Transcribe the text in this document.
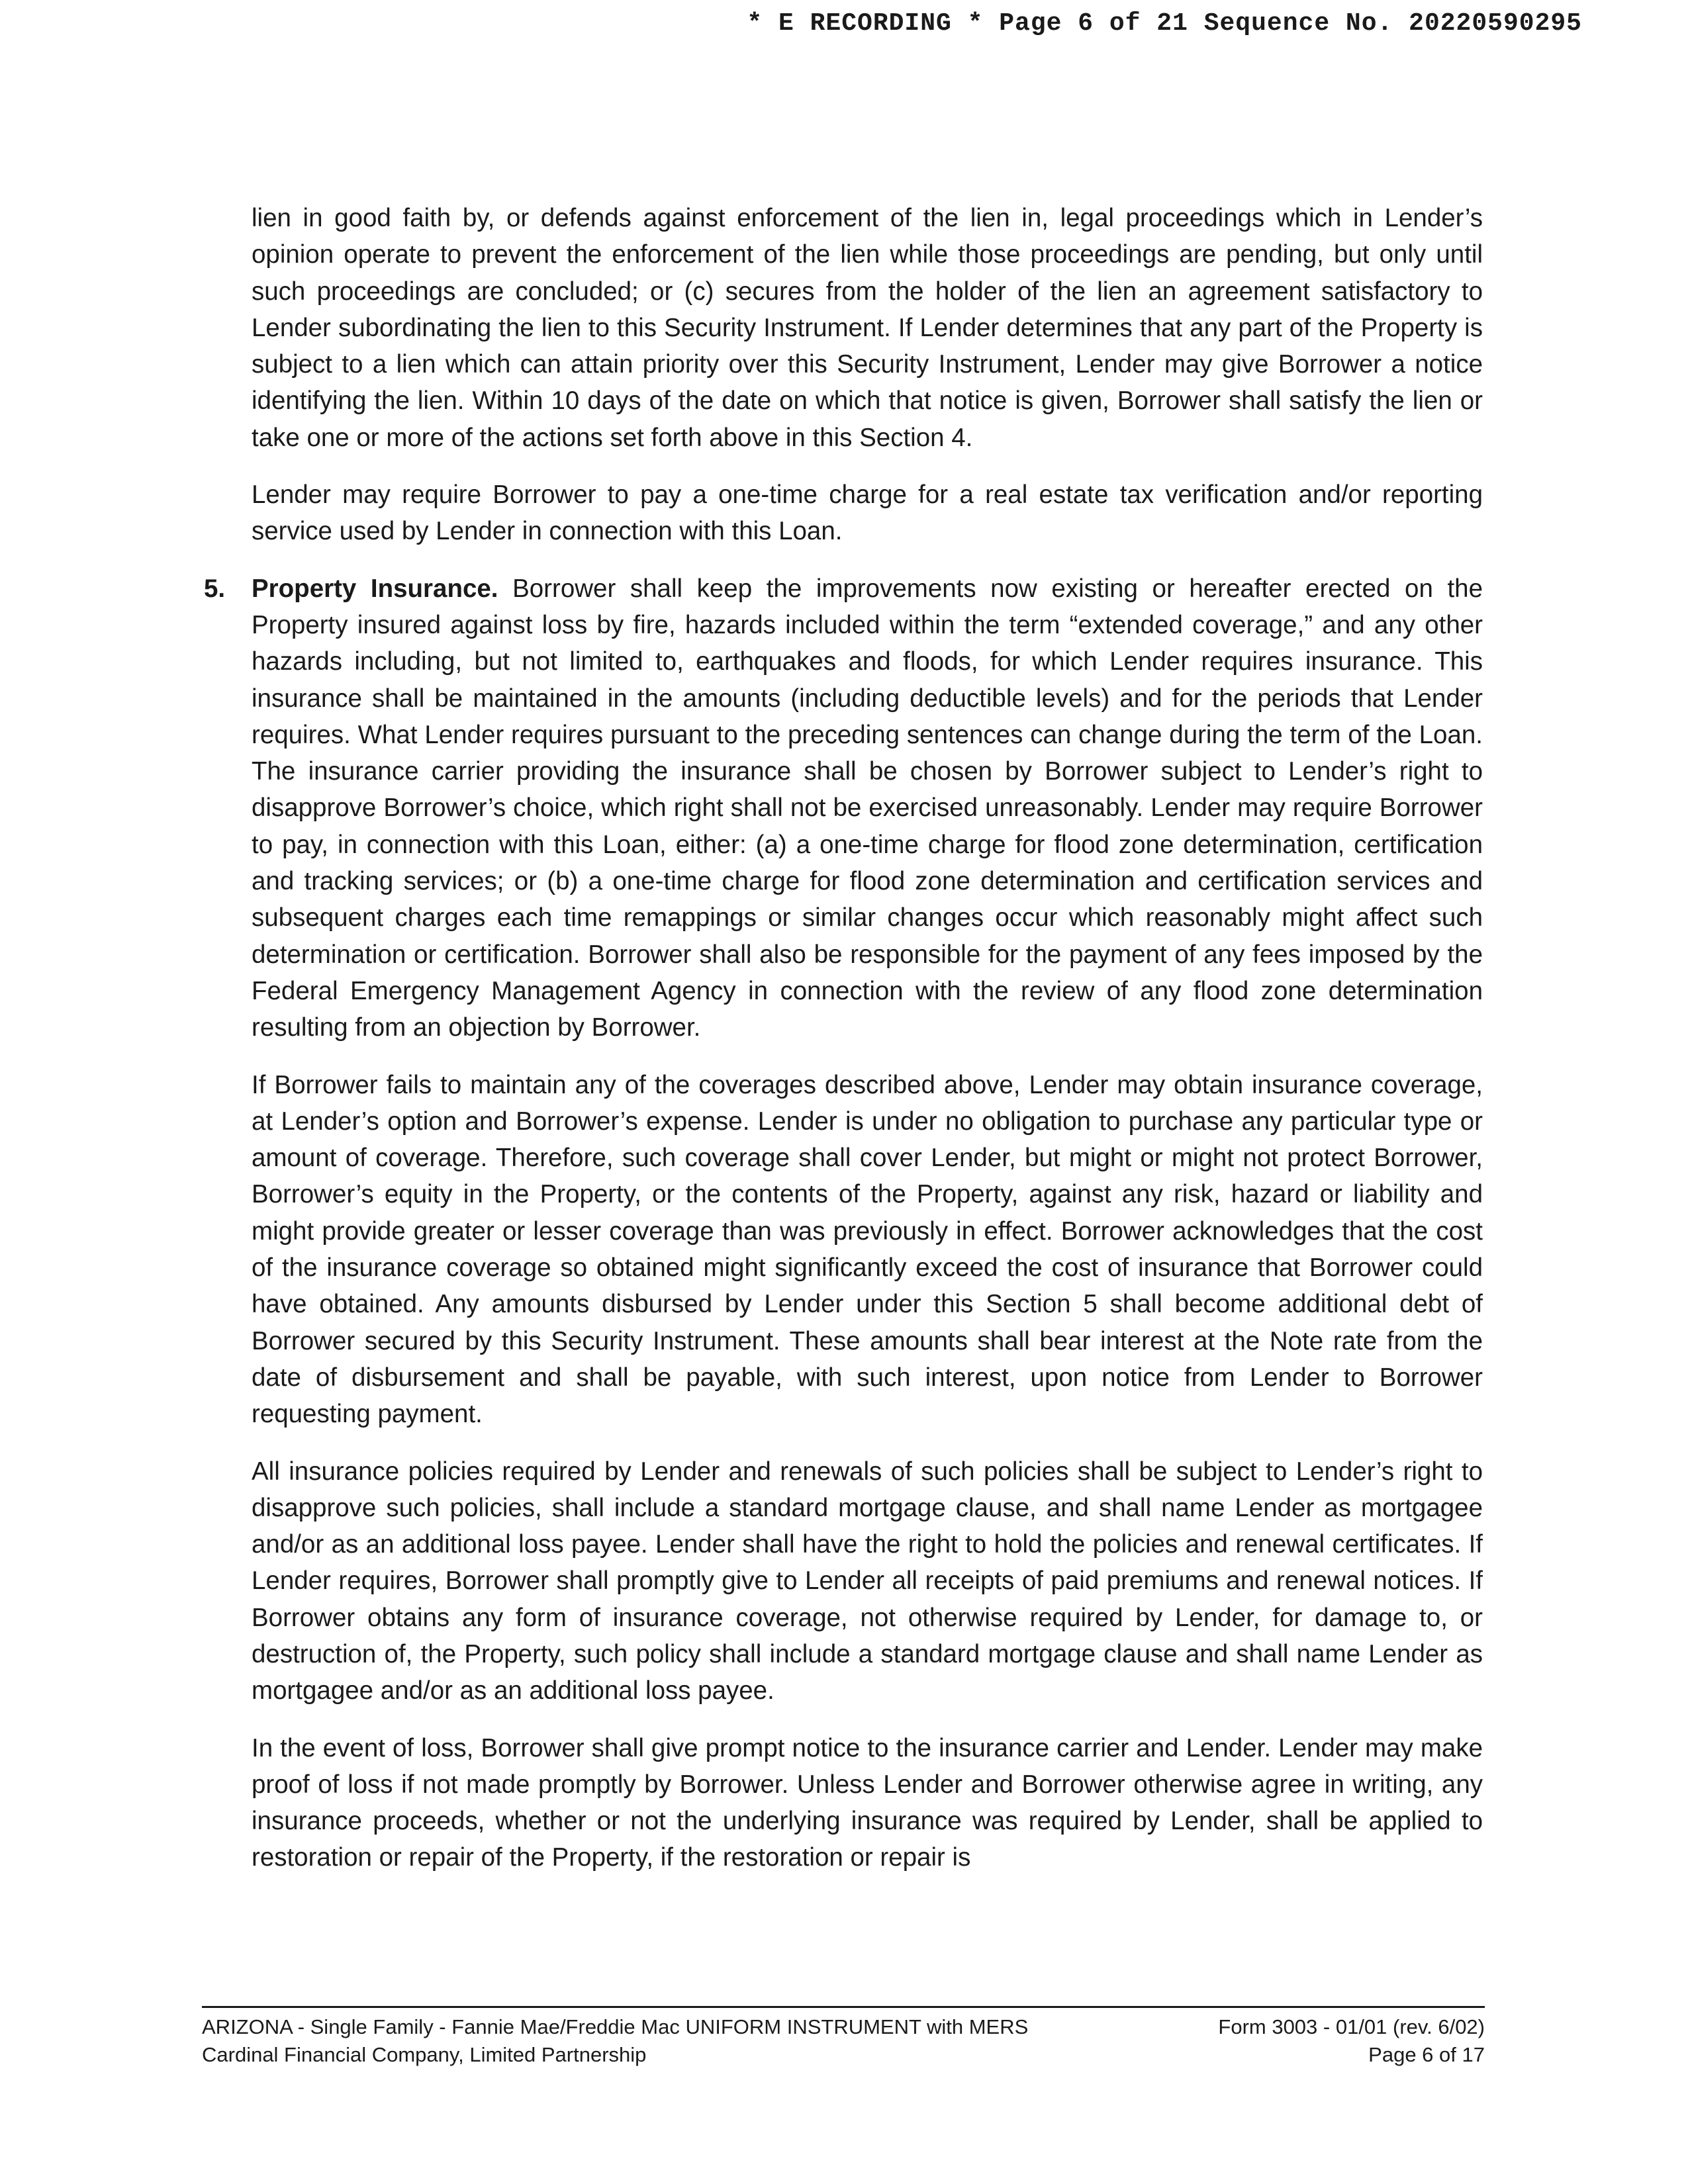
* E RECORDING * Page 6 of 21 Sequence No. 20220590295

lien in good faith by, or defends against enforcement of the lien in, legal proceedings which in Lender’s opinion operate to prevent the enforcement of the lien while those proceedings are pending, but only until such proceedings are concluded; or (c) secures from the holder of the lien an agreement satisfactory to Lender subordinating the lien to this Security Instrument. If Lender determines that any part of the Property is subject to a lien which can attain priority over this Security Instrument, Lender may give Borrower a notice identifying the lien. Within 10 days of the date on which that notice is given, Borrower shall satisfy the lien or take one or more of the actions set forth above in this Section 4.

Lender may require Borrower to pay a one-time charge for a real estate tax verification and/or reporting service used by Lender in connection with this Loan.

5. Property Insurance. Borrower shall keep the improvements now existing or hereafter erected on the Property insured against loss by fire, hazards included within the term “extended coverage,” and any other hazards including, but not limited to, earthquakes and floods, for which Lender requires insurance. This insurance shall be maintained in the amounts (including deductible levels) and for the periods that Lender requires. What Lender requires pursuant to the preceding sentences can change during the term of the Loan. The insurance carrier providing the insurance shall be chosen by Borrower subject to Lender’s right to disapprove Borrower’s choice, which right shall not be exercised unreasonably. Lender may require Borrower to pay, in connection with this Loan, either: (a) a one-time charge for flood zone determination, certification and tracking services; or (b) a one-time charge for flood zone determination and certification services and subsequent charges each time remappings or similar changes occur which reasonably might affect such determination or certification. Borrower shall also be responsible for the payment of any fees imposed by the Federal Emergency Management Agency in connection with the review of any flood zone determination resulting from an objection by Borrower.

If Borrower fails to maintain any of the coverages described above, Lender may obtain insurance coverage, at Lender’s option and Borrower’s expense. Lender is under no obligation to purchase any particular type or amount of coverage. Therefore, such coverage shall cover Lender, but might or might not protect Borrower, Borrower’s equity in the Property, or the contents of the Property, against any risk, hazard or liability and might provide greater or lesser coverage than was previously in effect. Borrower acknowledges that the cost of the insurance coverage so obtained might significantly exceed the cost of insurance that Borrower could have obtained. Any amounts disbursed by Lender under this Section 5 shall become additional debt of Borrower secured by this Security Instrument. These amounts shall bear interest at the Note rate from the date of disbursement and shall be payable, with such interest, upon notice from Lender to Borrower requesting payment.

All insurance policies required by Lender and renewals of such policies shall be subject to Lender’s right to disapprove such policies, shall include a standard mortgage clause, and shall name Lender as mortgagee and/or as an additional loss payee. Lender shall have the right to hold the policies and renewal certificates. If Lender requires, Borrower shall promptly give to Lender all receipts of paid premiums and renewal notices. If Borrower obtains any form of insurance coverage, not otherwise required by Lender, for damage to, or destruction of, the Property, such policy shall include a standard mortgage clause and shall name Lender as mortgagee and/or as an additional loss payee.

In the event of loss, Borrower shall give prompt notice to the insurance carrier and Lender. Lender may make proof of loss if not made promptly by Borrower. Unless Lender and Borrower otherwise agree in writing, any insurance proceeds, whether or not the underlying insurance was required by Lender, shall be applied to restoration or repair of the Property, if the restoration or repair is

ARIZONA - Single Family - Fannie Mae/Freddie Mac UNIFORM INSTRUMENT with MERS	Form 3003 - 01/01 (rev. 6/02)
Cardinal Financial Company, Limited Partnership	Page 6 of 17
